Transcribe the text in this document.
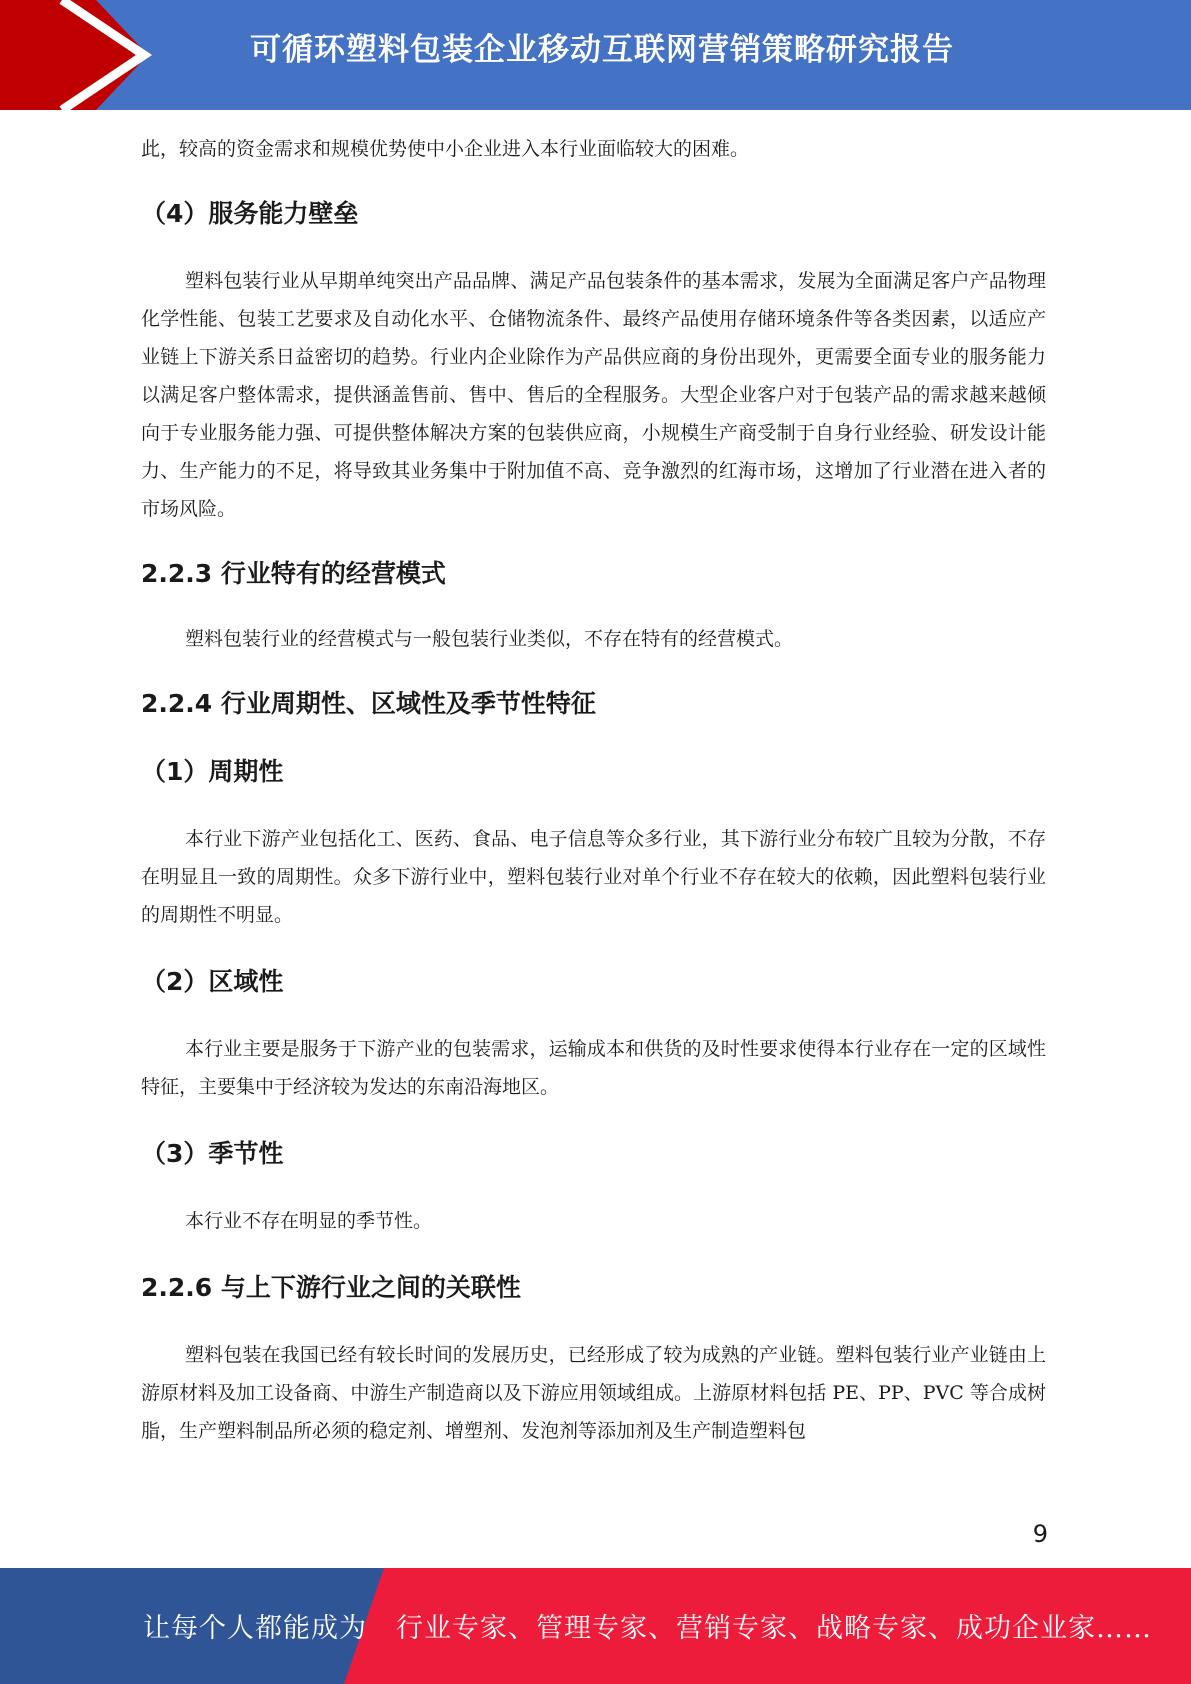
可循环塑料包装企业移动互联网营销策略研究报告

此，较高的资金需求和规模优势使中小企业进入本行业面临较大的困难。

（4）服务能力壁垒

塑料包装行业从早期单纯突出产品品牌、满足产品包装条件的基本需求，发展为全面满足客户产品物理化学性能、包装工艺要求及自动化水平、仓储物流条件、最终产品使用存储环境条件等各类因素，以适应产业链上下游关系日益密切的趋势。行业内企业除作为产品供应商的身份出现外，更需要全面专业的服务能力以满足客户整体需求，提供涵盖售前、售中、售后的全程服务。大型企业客户对于包装产品的需求越来越倾向于专业服务能力强、可提供整体解决方案的包装供应商，小规模生产商受制于自身行业经验、研发设计能力、生产能力的不足，将导致其业务集中于附加值不高、竞争激烈的红海市场，这增加了行业潜在进入者的市场风险。

2.2.3 行业特有的经营模式

塑料包装行业的经营模式与一般包装行业类似，不存在特有的经营模式。

2.2.4 行业周期性、区域性及季节性特征
（1）周期性

本行业下游产业包括化工、医药、食品、电子信息等众多行业，其下游行业分布较广且较为分散，不存在明显且一致的周期性。众多下游行业中，塑料包装行业对单个行业不存在较大的依赖，因此塑料包装行业的周期性不明显。

（2）区域性

本行业主要是服务于下游产业的包装需求，运输成本和供货的及时性要求使得本行业存在一定的区域性特征，主要集中于经济较为发达的东南沿海地区。

（3）季节性

本行业不存在明显的季节性。

2.2.6 与上下游行业之间的关联性

塑料包装在我国已经有较长时间的发展历史，已经形成了较为成熟的产业链。塑料包装行业产业链由上游原材料及加工设备商、中游生产制造商以及下游应用领域组成。上游原材料包括 PE、PP、PVC 等合成树脂，生产塑料制品所必须的稳定剂、增塑剂、发泡剂等添加剂及生产制造塑料包

9
让每个人都能成为 行业专家、管理专家、营销专家、战略专家、成功企业家……
